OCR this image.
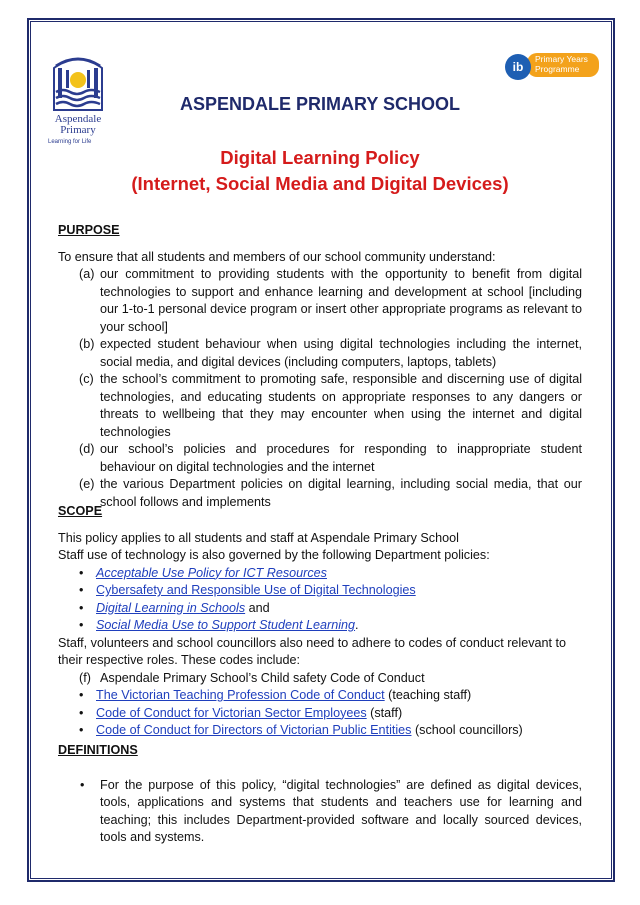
Aspendale
Primary
Learning for Life
ib
Primary Years
Programme
ASPENDALE PRIMARY SCHOOL
Digital Learning Policy
(Internet, Social Media and Digital Devices)
PURPOSE

To ensure that all students and members of our school community understand:

(a) our commitment to providing students with the opportunity to benefit from digital technologies to support and enhance learning and development at school [including our 1-to-1 personal device program or insert other appropriate programs as relevant to your school]
(b) expected student behaviour when using digital technologies including the internet, social media, and digital devices (including computers, laptops, tablets)
(c) the school’s commitment to promoting safe, responsible and discerning use of digital technologies, and educating students on appropriate responses to any dangers or threats to wellbeing that they may encounter when using the internet and digital technologies
(d) our school’s policies and procedures for responding to inappropriate student behaviour on digital technologies and the internet
(e) the various Department policies on digital learning, including social media, that our school follows and implements
SCOPE

This policy applies to all students and staff at Aspendale Primary School

Staff use of technology is also governed by the following Department policies:

• Acceptable Use Policy for ICT Resources
• Cybersafety and Responsible Use of Digital Technologies
• Digital Learning in Schools and
• Social Media Use to Support Student Learning.

Staff, volunteers and school councillors also need to adhere to codes of conduct relevant to their respective roles. These codes include:

(f) Aspendale Primary School’s Child safety Code of Conduct
• The Victorian Teaching Profession Code of Conduct (teaching staff)
• Code of Conduct for Victorian Sector Employees (staff)
• Code of Conduct for Directors of Victorian Public Entities (school councillors)
DEFINITIONS
• For the purpose of this policy, “digital technologies” are defined as digital devices, tools, applications and systems that students and teachers use for learning and teaching; this includes Department-provided software and locally sourced devices, tools and systems.
